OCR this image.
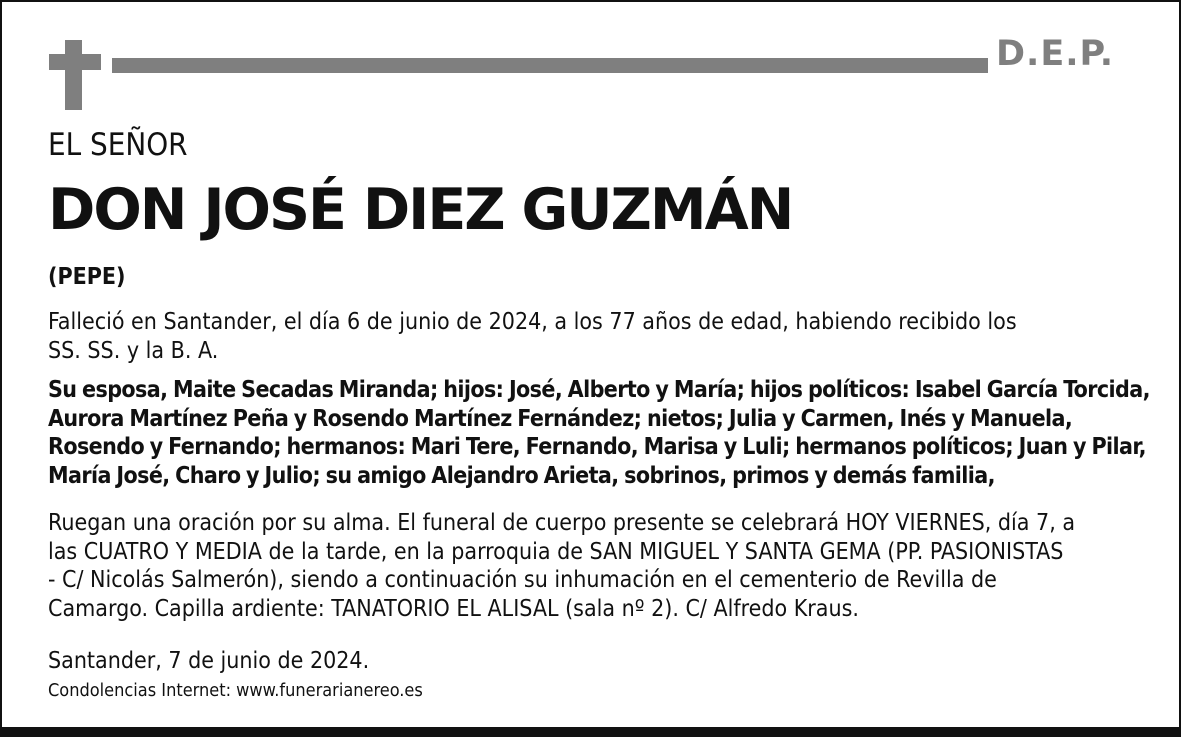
D.E.P.
EL SEÑOR
DON JOSÉ DIEZ GUZMÁN
(PEPE)
Falleció en Santander, el día 6 de junio de 2024, a los 77 años de edad, habiendo recibido los
SS. SS. y la B. A.
Su esposa, Maite Secadas Miranda; hijos: José, Alberto y María; hijos políticos: Isabel García Torcida,
Aurora Martínez Peña y Rosendo Martínez Fernández; nietos; Julia y Carmen, Inés y Manuela,
Rosendo y Fernando; hermanos: Mari Tere, Fernando, Marisa y Luli; hermanos políticos; Juan y Pilar,
María José, Charo y Julio; su amigo Alejandro Arieta, sobrinos, primos y demás familia,
Ruegan una oración por su alma. El funeral de cuerpo presente se celebrará HOY VIERNES, día 7, a
las CUATRO Y MEDIA de la tarde, en la parroquia de SAN MIGUEL Y SANTA GEMA (PP. PASIONISTAS
- C/ Nicolás Salmerón), siendo a continuación su inhumación en el cementerio de Revilla de
Camargo. Capilla ardiente: TANATORIO EL ALISAL (sala nº 2). C/ Alfredo Kraus.
Santander, 7 de junio de 2024.
Condolencias Internet: www.funerarianereo.es
